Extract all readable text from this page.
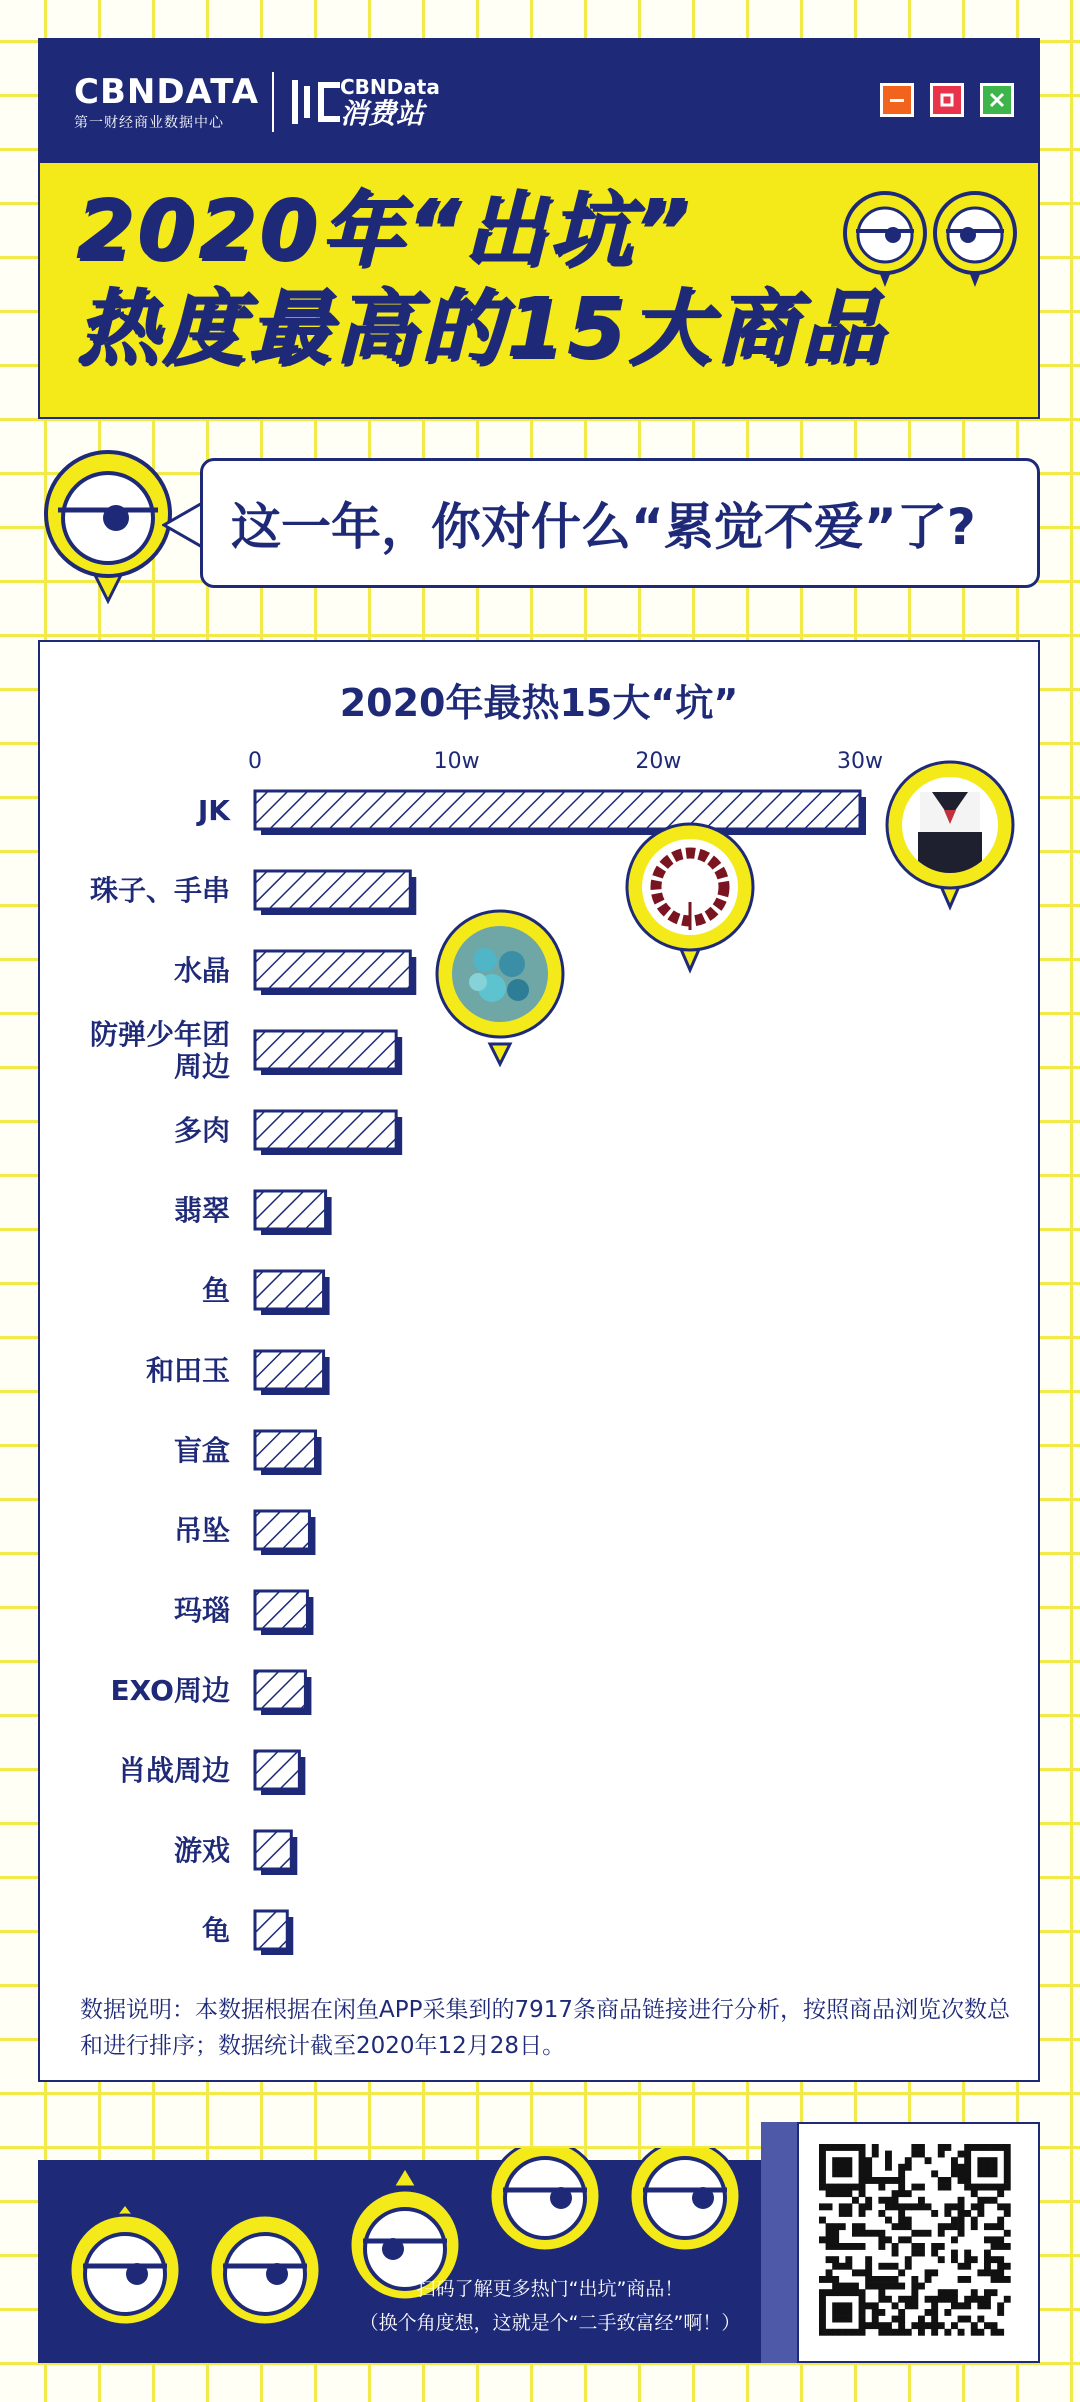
CBNDATA
第一财经商业数据中心
CBNData
消费站
2020年“出坑”
热度最高的15大商品
这一年，你对什么“累觉不爱”了?
2020年最热15大“坑”
0	10w	20w	30w
JK
珠子、手串
水晶
防弹少年团周边
多肉
翡翠
鱼
和田玉
盲盒
吊坠
玛瑙
EXO周边
肖战周边
游戏
龟
数据说明：本数据根据在闲鱼APP采集到的7917条商品链接进行分析，按照商品浏览次数总和进行排序；数据统计截至2020年12月28日。
扫码了解更多热门“出坑”商品！
（换个角度想，这就是个“二手致富经”啊！）
